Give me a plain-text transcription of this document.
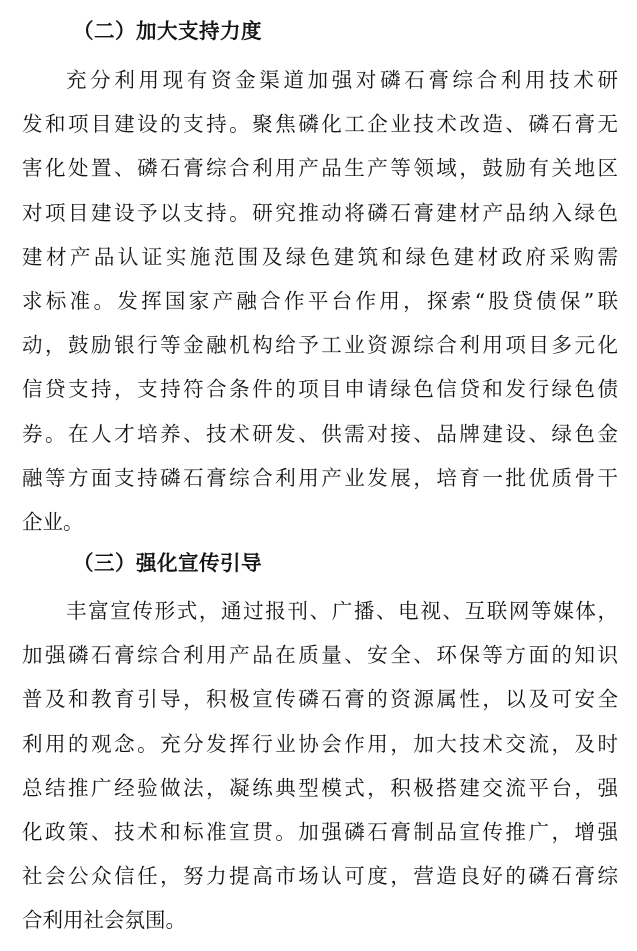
（二）加大支持力度
充分利用现有资金渠道加强对磷石膏综合利用技术研
发和项目建设的支持。聚焦磷化工企业技术改造、磷石膏无
害化处置、磷石膏综合利用产品生产等领域，鼓励有关地区
对项目建设予以支持。研究推动将磷石膏建材产品纳入绿色
建材产品认证实施范围及绿色建筑和绿色建材政府采购需
求标准。发挥国家产融合作平台作用，探索“股贷债保”联
动，鼓励银行等金融机构给予工业资源综合利用项目多元化
信贷支持，支持符合条件的项目申请绿色信贷和发行绿色债
券。在人才培养、技术研发、供需对接、品牌建设、绿色金
融等方面支持磷石膏综合利用产业发展，培育一批优质骨干
企业。
（三）强化宣传引导
丰富宣传形式，通过报刊、广播、电视、互联网等媒体，
加强磷石膏综合利用产品在质量、安全、环保等方面的知识
普及和教育引导，积极宣传磷石膏的资源属性，以及可安全
利用的观念。充分发挥行业协会作用，加大技术交流，及时
总结推广经验做法，凝练典型模式，积极搭建交流平台，强
化政策、技术和标准宣贯。加强磷石膏制品宣传推广，增强
社会公众信任，努力提高市场认可度，营造良好的磷石膏综
合利用社会氛围。
